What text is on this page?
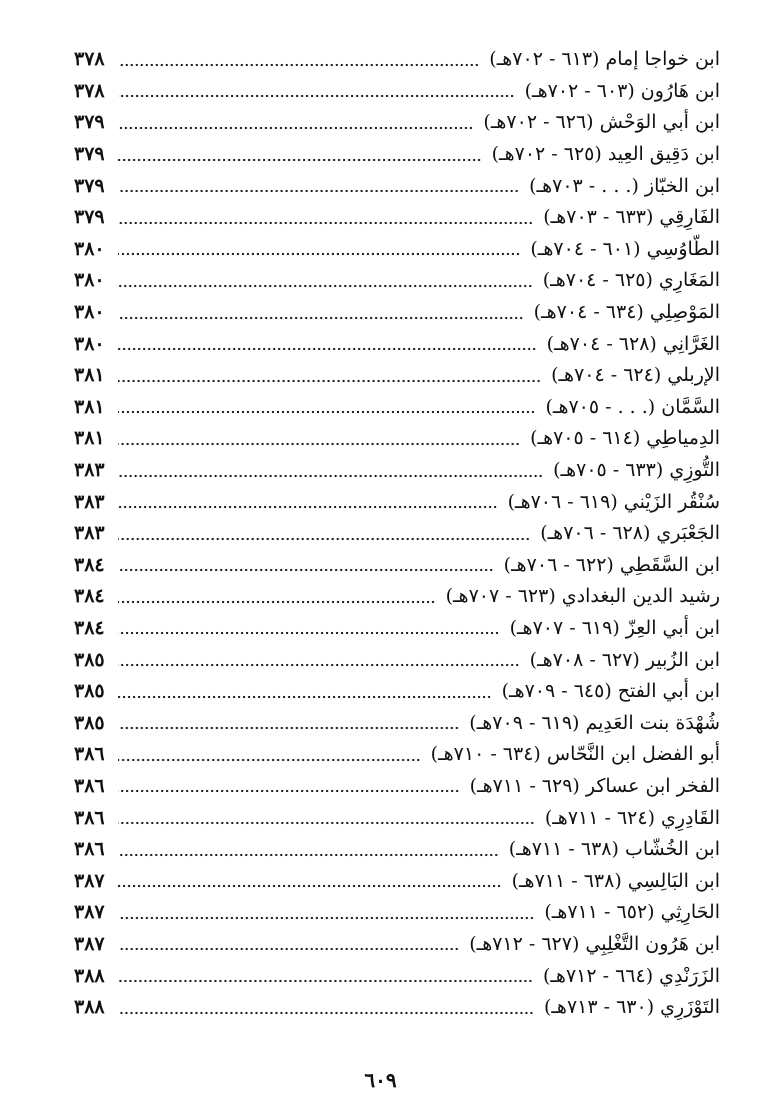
ابن خواجا إمام (٦١٣ - ٧٠٢هـ)
٣٧٨
ابن هَارُون (٦٠٣ - ٧٠٢هـ)
٣٧٨
ابن أبي الوَحْش (٦٢٦ - ٧٠٢هـ)
٣٧٩
ابن دَقِيق العِيد (٦٢٥ - ٧٠٢هـ)
٣٧٩
ابن الخبّاز (. . . - ٧٠٣هـ)
٣٧٩
الفَارِقِي (٦٣٣ - ٧٠٣هـ)
٣٧٩
الطّاوُسِي (٦٠١ - ٧٠٤هـ)
٣٨٠
المَغَارِي (٦٢٥ - ٧٠٤هـ)
٣٨٠
المَوْصِلِي (٦٣٤ - ٧٠٤هـ)
٣٨٠
الغَرَّانِي (٦٢٨ - ٧٠٤هـ)
٣٨٠
الإربلي (٦٢٤ - ٧٠٤هـ)
٣٨١
السَّمَّان (. . . - ٧٠٥هـ)
٣٨١
الدِمياطِي (٦١٤ - ٧٠٥هـ)
٣٨١
التُّوزِي (٦٣٣ - ٧٠٥هـ)
٣٨٣
سُنْقُر الزَيْني (٦١٩ - ٧٠٦هـ)
٣٨٣
الجَعْبَري (٦٢٨ - ٧٠٦هـ)
٣٨٣
ابن السَّقَطِي (٦٢٢ - ٧٠٦هـ)
٣٨٤
رشيد الدين البغدادي (٦٢٣ - ٧٠٧هـ)
٣٨٤
ابن أبي العِزّ (٦١٩ - ٧٠٧هـ)
٣٨٤
ابن الزُبير (٦٢٧ - ٧٠٨هـ)
٣٨٥
ابن أبي الفتح (٦٤٥ - ٧٠٩هـ)
٣٨٥
شُهْدَة بنت العَدِيم (٦١٩ - ٧٠٩هـ)
٣٨٥
أبو الفضل ابن النَّحّاس (٦٣٤ - ٧١٠هـ)
٣٨٦
الفخر ابن عساكر (٦٢٩ - ٧١١هـ)
٣٨٦
القَادِرِي (٦٢٤ - ٧١١هـ)
٣٨٦
ابن الخُشّاب (٦٣٨ - ٧١١هـ)
٣٨٦
ابن البَالِسِي (٦٣٨ - ٧١١هـ)
٣٨٧
الحَارِثِي (٦٥٢ - ٧١١هـ)
٣٨٧
ابن هَرُون التَّغْلِبِي (٦٢٧ - ٧١٢هـ)
٣٨٧
الزَرَنْدِي (٦٦٤ - ٧١٢هـ)
٣٨٨
التَوْزَرِي (٦٣٠ - ٧١٣هـ)
٣٨٨
٦٠٩
